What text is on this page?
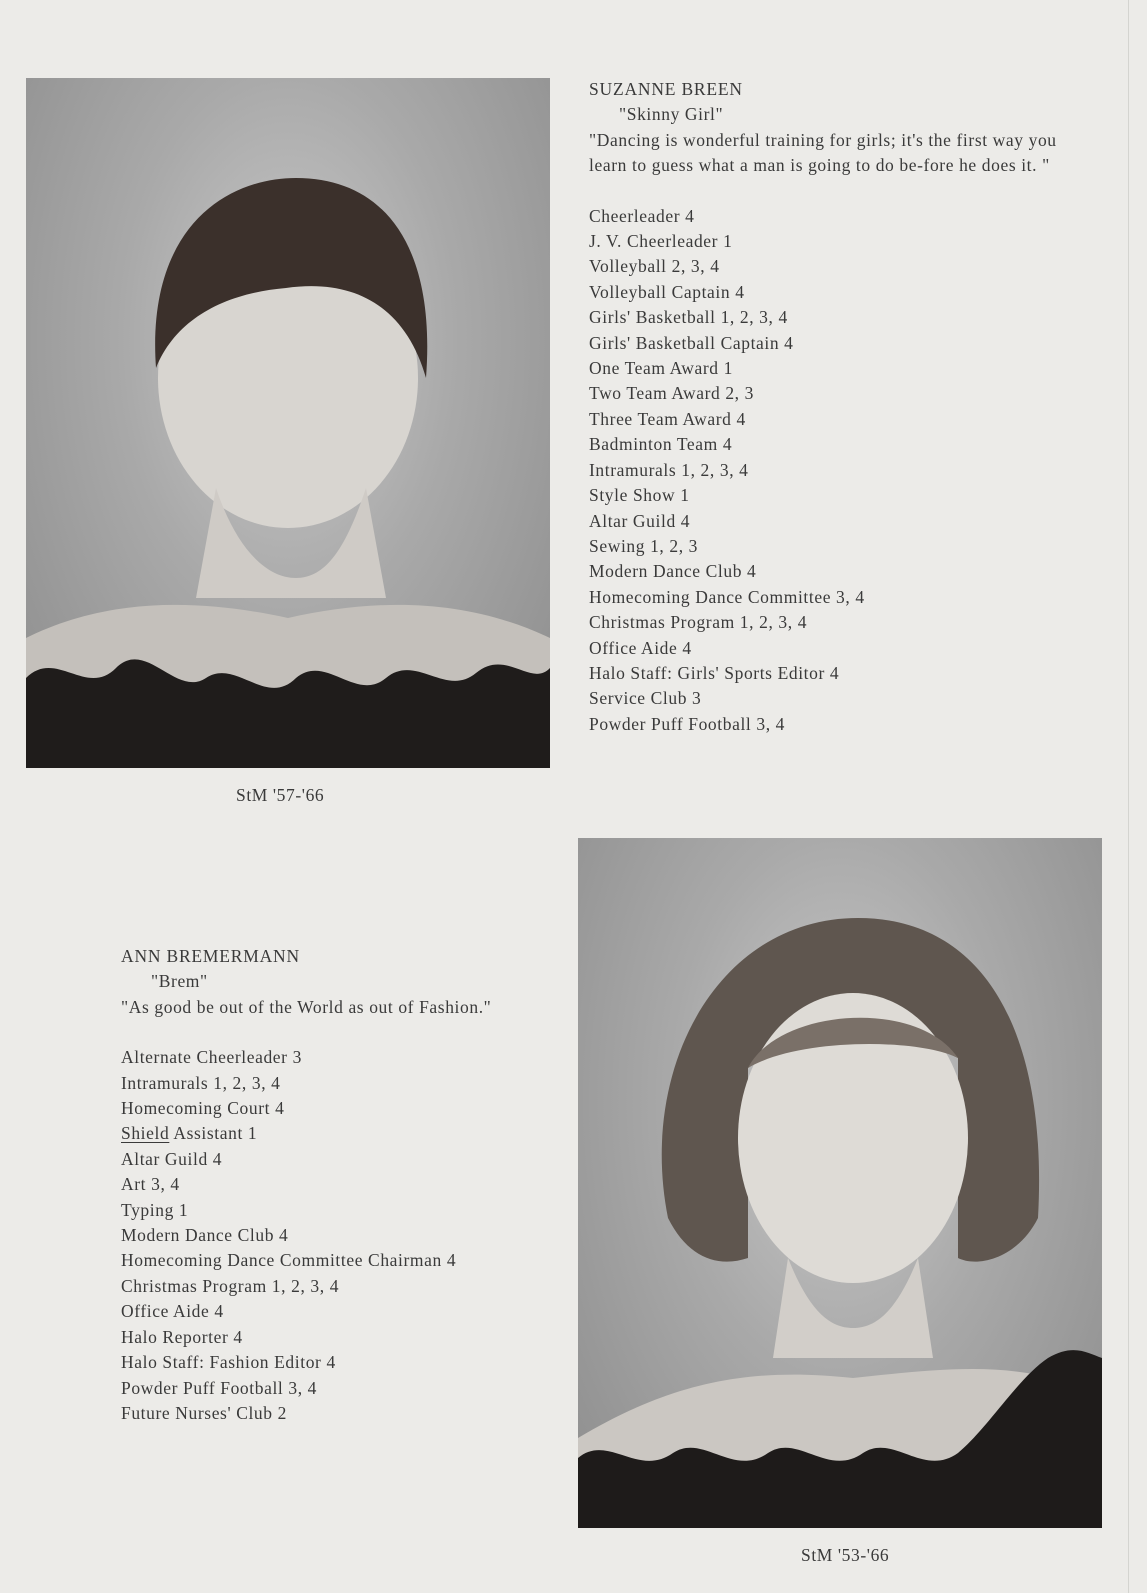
SUZANNE BREEN
"Skinny Girl"
"Dancing is wonderful training for girls; it's the first way you learn to guess what a man is going to do be-fore he does it. "
Cheerleader 4
J. V. Cheerleader 1
Volleyball 2, 3, 4
Volleyball Captain 4
Girls' Basketball 1, 2, 3, 4
Girls' Basketball Captain 4
One Team Award 1
Two Team Award 2, 3
Three Team Award 4
Badminton Team 4
Intramurals 1, 2, 3, 4
Style Show 1
Altar Guild 4
Sewing 1, 2, 3
Modern Dance Club 4
Homecoming Dance Committee 3, 4
Christmas Program 1, 2, 3, 4
Office Aide 4
Halo Staff: Girls' Sports Editor 4
Service Club 3
Powder Puff Football 3, 4
StM '57-'66
ANN BREMERMANN
"Brem"
"As good be out of the World as out of Fashion."
Alternate Cheerleader 3
Intramurals 1, 2, 3, 4
Homecoming Court 4
Shield Assistant 1
Altar Guild 4
Art 3, 4
Typing 1
Modern Dance Club 4
Homecoming Dance Committee Chairman 4
Christmas Program 1, 2, 3, 4
Office Aide 4
Halo Reporter 4
Halo Staff: Fashion Editor 4
Powder Puff Football 3, 4
Future Nurses' Club 2
StM '53-'66
